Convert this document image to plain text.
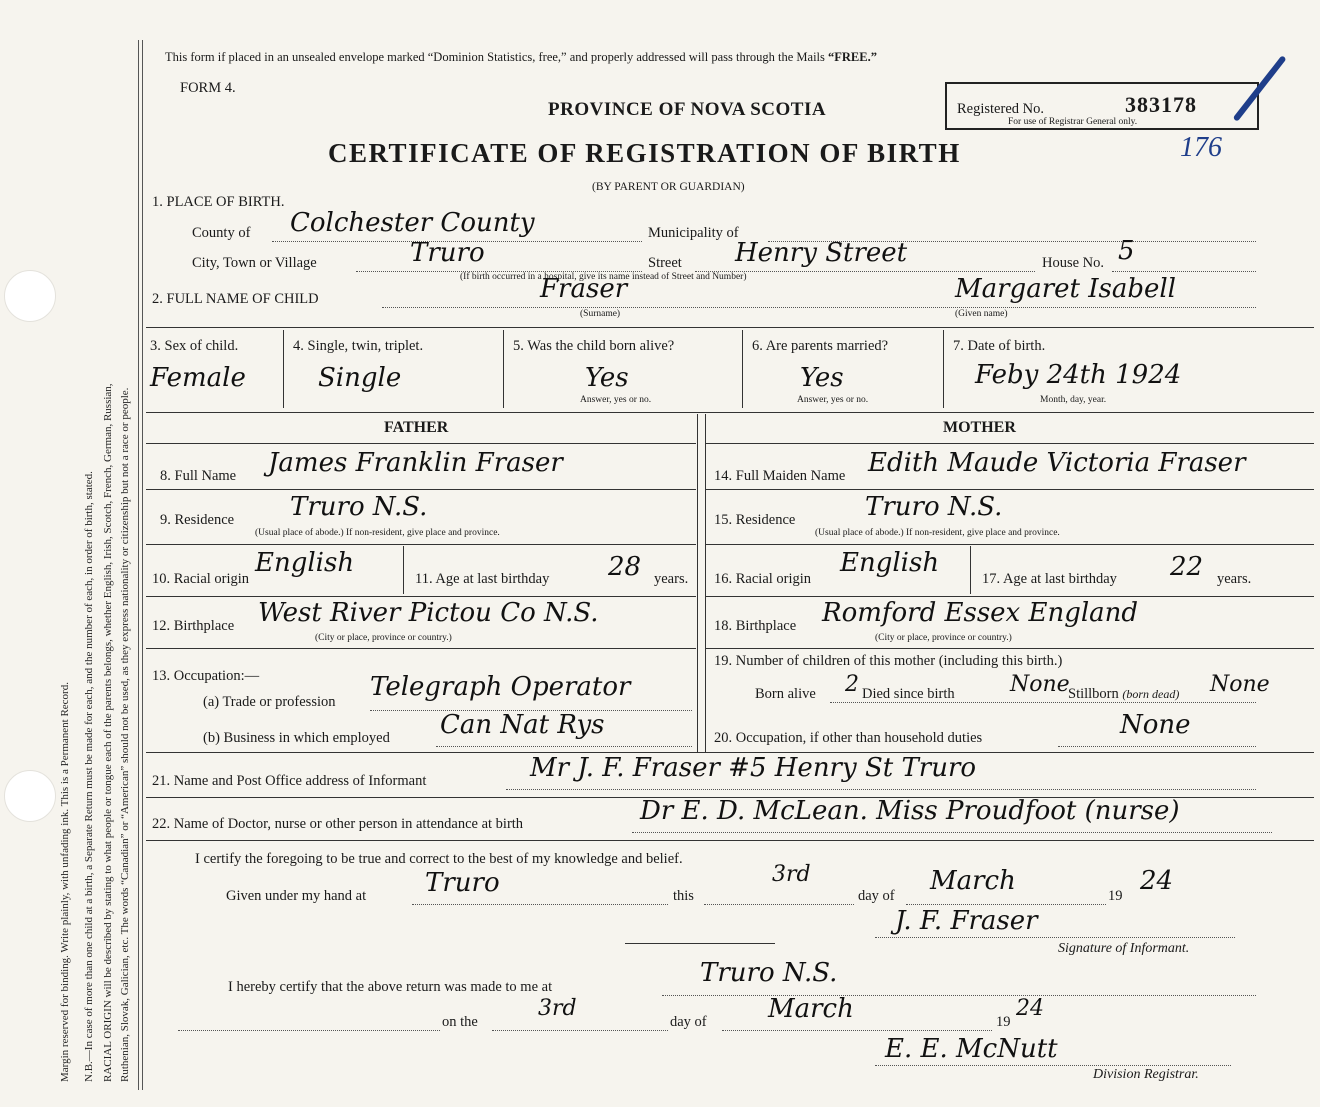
Margin reserved for binding. Write plainly, with unfading ink. This is a Permanent Record. N.B.—In case of more than one child at a birth, a Separate Return must be made for each, and the number of each, in order of birth, stated. RACIAL ORIGIN will be described by stating to what people or tongue each of the parents belongs, whether English, Irish, Scotch, French, German, Russian, Ruthenian, Slovak, Galician, etc. The words “Canadian” or “American” should not be used, as they express nationality or citizenship but not a race or people.
This form if placed in an unsealed envelope marked “Dominion Statistics, free,” and properly addressed will pass through the Mails “FREE.”
FORM 4.
PROVINCE OF NOVA SCOTIA	Registered No.	383178
For use of Registrar General only.
176
CERTIFICATE OF REGISTRATION OF BIRTH
(BY PARENT OR GUARDIAN)
1. PLACE OF BIRTH.
County of Colchester County	Municipality of
City, Town or Village	Truro	Street Henry Street	House No. 5
(If birth occurred in a hospital, give its name instead of Street and Number)
2. FULL NAME OF CHILD	Fraser
(Surname)
Margaret Isabell
(Given name)
3. Sex of child.
Female
4. Single, twin, triplet.
Single
5. Was the child born alive?
Yes
Answer, yes or no.
6. Are parents married?
Yes
Answer, yes or no.
7. Date of birth.
Feby 24th 1924
Month, day, year.
FATHER	MOTHER
8. Full Name James Franklin Fraser
9. Residence Truro N.S.
(Usual place of abode.) If non-resident, give place and province.
10. Racial origin
English
11. Age at last birthday 28 years.
12. Birthplace West River Pictou Co N.S.
(City or place, province or country.)
13. Occupation:—
(a) Trade or profession Telegraph Operator
(b) Business in which employed Can Nat Rys
14. Full Maiden Name Edith Maude Victoria Fraser
15. Residence	Truro N.S.
(Usual place of abode.) If non-resident, give place and province.
16. Racial origin
English
17. Age at last birthday 22 years.
18. Birthplace Romford Essex England
(City or place, province or country.)
19. Number of children of this mother (including this birth.)
Born alive 2 Died since birth	None
Stillborn (born dead) None
20. Occupation, if other than household duties	None
21. Name and Post Office address of Informant	Mr J. F. Fraser #5 Henry St Truro
22. Name of Doctor, nurse or other person in attendance at birth	Dr E. D. McLean. Miss Proudfoot (nurse)
I certify the foregoing to be true and correct to the best of my knowledge and belief.
Given under my hand at Truro	this
3rd
day of March	19 24
J. F. Fraser
Signature of Informant.
I hereby certify that the above return was made to me at	Truro N.S.
on the
3rd
day of March	19
24
E. E. McNutt
Division Registrar.
